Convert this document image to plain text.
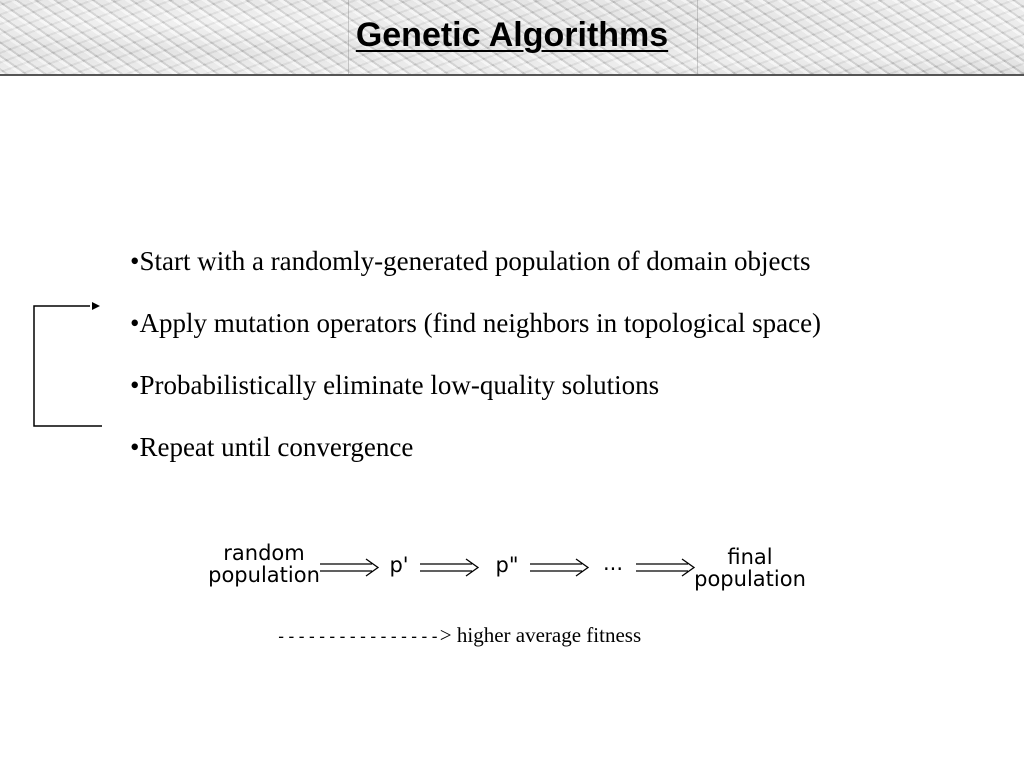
Genetic Algorithms
•Start with a randomly-generated population of domain objects
•Apply mutation operators (find neighbors in topological space)
•Probabilistically eliminate low-quality solutions
•Repeat until convergence
random
population	p'	p"	...	final
population
----------------> higher average fitness
